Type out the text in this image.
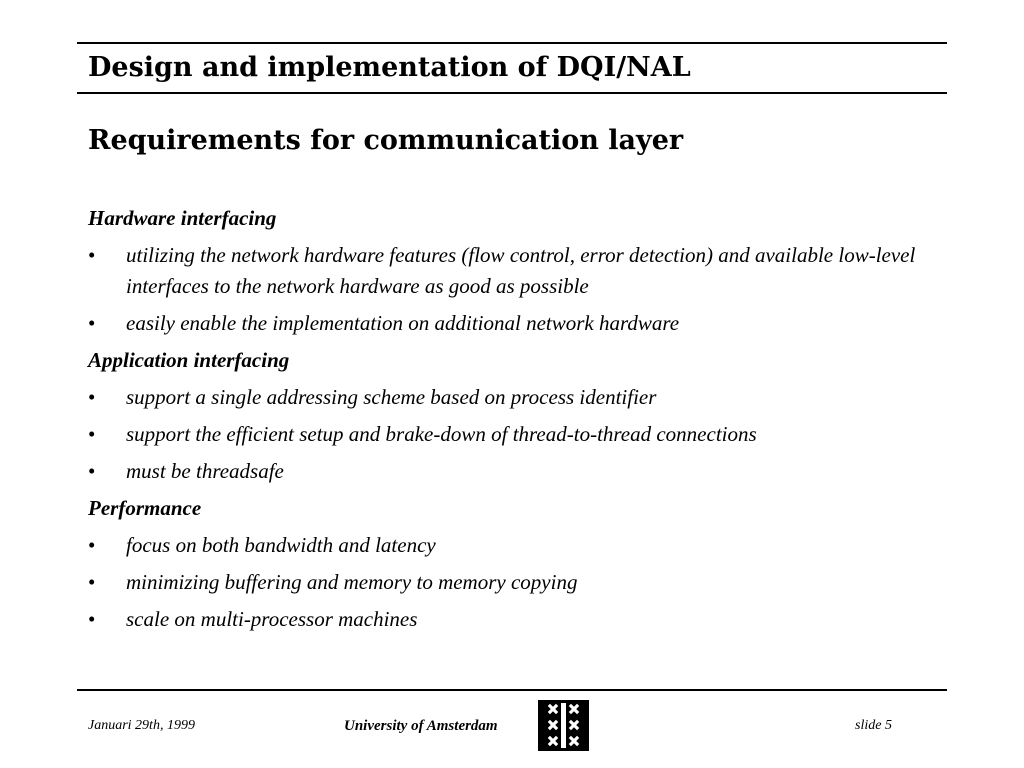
Design and implementation of DQI/NAL
Requirements for communication layer
Hardware interfacing
• utilizing the network hardware features (flow control, error detection) and available low-level interfaces to the network hardware as good as possible
• easily enable the implementation on additional network hardware
Application interfacing
• support a single addressing scheme based on process identifier
• support the efficient setup and brake-down of thread-to-thread connections
• must be threadsafe
Performance
• focus on both bandwidth and latency
• minimizing buffering and memory to memory copying
• scale on multi-processor machines
Januari 29th, 1999	University of Amsterdam	slide 5
